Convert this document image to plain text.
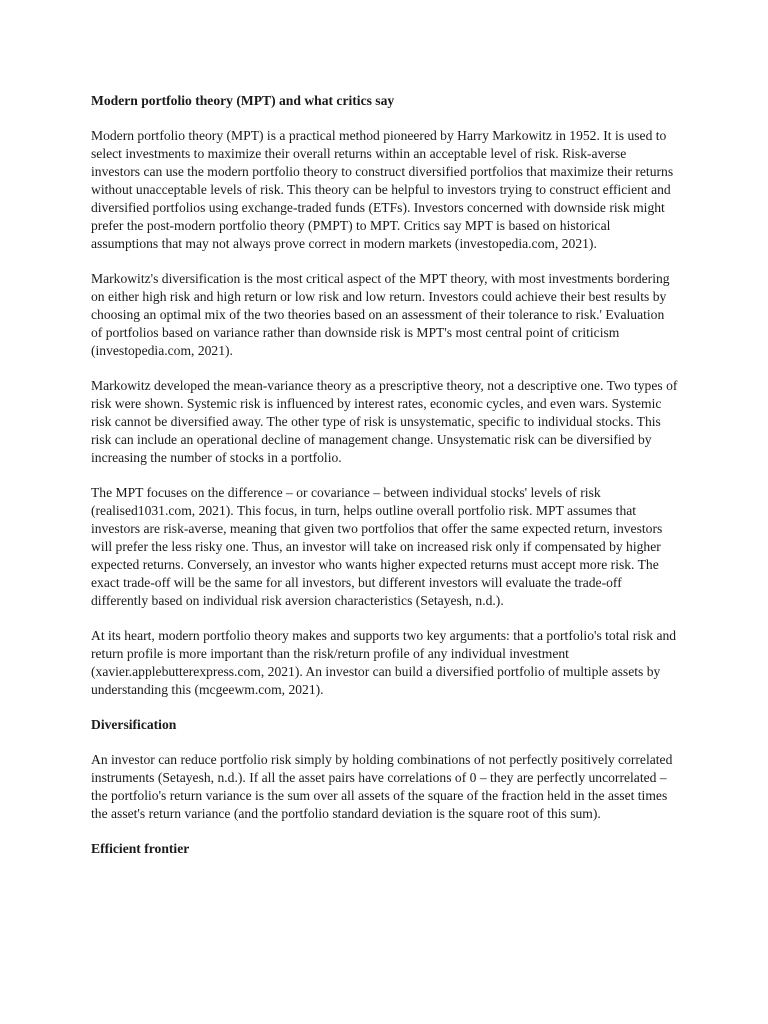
Modern portfolio theory (MPT) and what critics say
Modern portfolio theory (MPT) is a practical method pioneered by Harry Markowitz in 1952. It is used to select investments to maximize their overall returns within an acceptable level of risk. Risk-averse investors can use the modern portfolio theory to construct diversified portfolios that maximize their returns without unacceptable levels of risk. This theory can be helpful to investors trying to construct efficient and diversified portfolios using exchange-traded funds (ETFs). Investors concerned with downside risk might prefer the post-modern portfolio theory (PMPT) to MPT. Critics say MPT is based on historical assumptions that may not always prove correct in modern markets (investopedia.com, 2021).
Markowitz's diversification is the most critical aspect of the MPT theory, with most investments bordering on either high risk and high return or low risk and low return. Investors could achieve their best results by choosing an optimal mix of the two theories based on an assessment of their tolerance to risk.' Evaluation of portfolios based on variance rather than downside risk is MPT's most central point of criticism (investopedia.com, 2021).
Markowitz developed the mean-variance theory as a prescriptive theory, not a descriptive one. Two types of risk were shown. Systemic risk is influenced by interest rates, economic cycles, and even wars. Systemic risk cannot be diversified away. The other type of risk is unsystematic, specific to individual stocks. This risk can include an operational decline of management change. Unsystematic risk can be diversified by increasing the number of stocks in a portfolio.
The MPT focuses on the difference – or covariance – between individual stocks' levels of risk (realised1031.com, 2021). This focus, in turn, helps outline overall portfolio risk. MPT assumes that investors are risk-averse, meaning that given two portfolios that offer the same expected return, investors will prefer the less risky one. Thus, an investor will take on increased risk only if compensated by higher expected returns. Conversely, an investor who wants higher expected returns must accept more risk. The exact trade-off will be the same for all investors, but different investors will evaluate the trade-off differently based on individual risk aversion characteristics (Setayesh, n.d.).
At its heart, modern portfolio theory makes and supports two key arguments: that a portfolio's total risk and return profile is more important than the risk/return profile of any individual investment (xavier.applebutterexpress.com, 2021). An investor can build a diversified portfolio of multiple assets by understanding this (mcgeewm.com, 2021).
Diversification
An investor can reduce portfolio risk simply by holding combinations of not perfectly positively correlated instruments (Setayesh, n.d.). If all the asset pairs have correlations of 0 – they are perfectly uncorrelated – the portfolio's return variance is the sum over all assets of the square of the fraction held in the asset times the asset's return variance (and the portfolio standard deviation is the square root of this sum).
Efficient frontier
